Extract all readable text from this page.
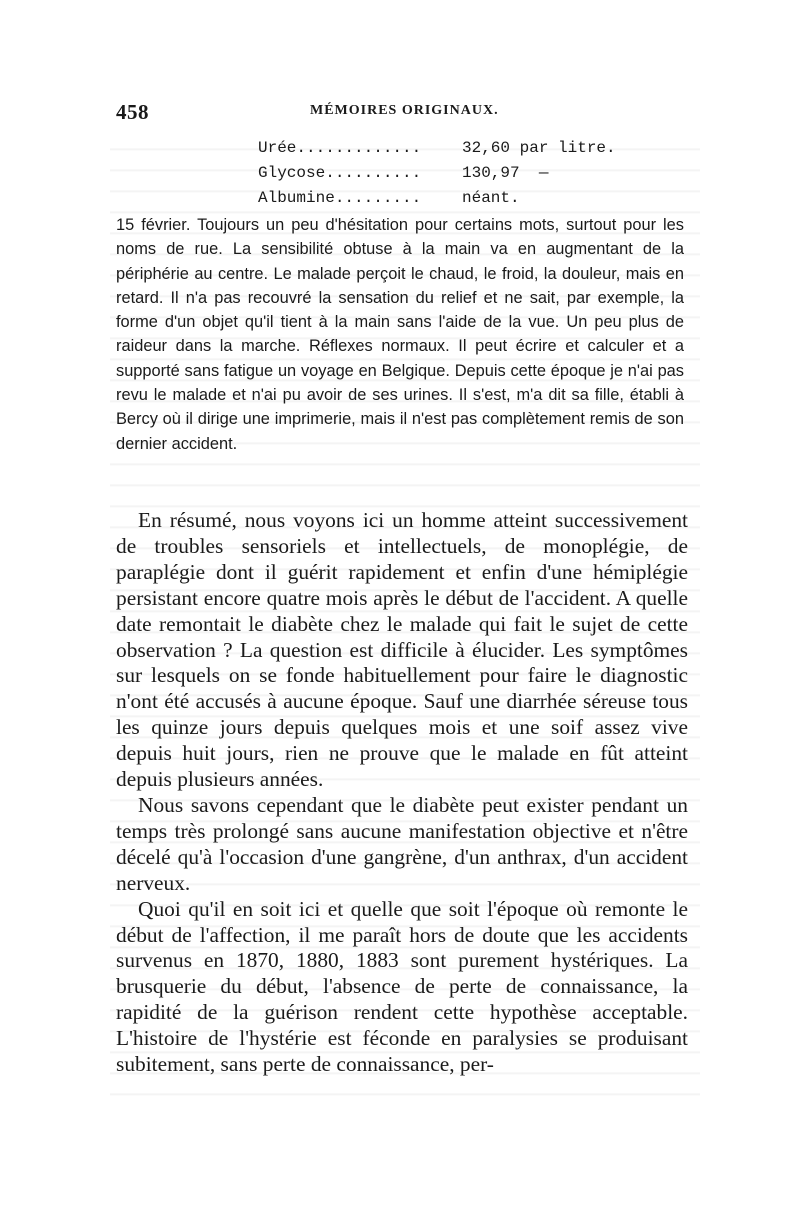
458	MÉMOIRES ORIGINAUX.
Urée.............	32,60 par litre.
Glycose..........	130,97  —
Albumine.........	néant.

15 février. Toujours un peu d'hésitation pour certains mots, surtout pour les noms de rue. La sensibilité obtuse à la main va en augmentant de la périphérie au centre. Le malade perçoit le chaud, le froid, la douleur, mais en retard. Il n'a pas recouvré la sensation du relief et ne sait, par exemple, la forme d'un objet qu'il tient à la main sans l'aide de la vue. Un peu plus de raideur dans la marche. Réflexes normaux. Il peut écrire et calculer et a supporté sans fatigue un voyage en Belgique. Depuis cette époque je n'ai pas revu le malade et n'ai pu avoir de ses urines. Il s'est, m'a dit sa fille, établi à Bercy où il dirige une imprimerie, mais il n'est pas complètement remis de son dernier accident.

En résumé, nous voyons ici un homme atteint successivement de troubles sensoriels et intellectuels, de monoplégie, de paraplégie dont il guérit rapidement et enfin d'une hémiplégie persistant encore quatre mois après le début de l'accident. A quelle date remontait le diabète chez le malade qui fait le sujet de cette observation ? La question est difficile à élucider. Les symptômes sur lesquels on se fonde habituellement pour faire le diagnostic n'ont été accusés à aucune époque. Sauf une diarrhée séreuse tous les quinze jours depuis quelques mois et une soif assez vive depuis huit jours, rien ne prouve que le malade en fût atteint depuis plusieurs années.

Nous savons cependant que le diabète peut exister pendant un temps très prolongé sans aucune manifestation objective et n'être décelé qu'à l'occasion d'une gangrène, d'un anthrax, d'un accident nerveux.

Quoi qu'il en soit ici et quelle que soit l'époque où remonte le début de l'affection, il me paraît hors de doute que les accidents survenus en 1870, 1880, 1883 sont purement hystériques. La brusquerie du début, l'absence de perte de connaissance, la rapidité de la guérison rendent cette hypothèse acceptable. L'histoire de l'hystérie est féconde en paralysies se produisant subitement, sans perte de connaissance, per-
